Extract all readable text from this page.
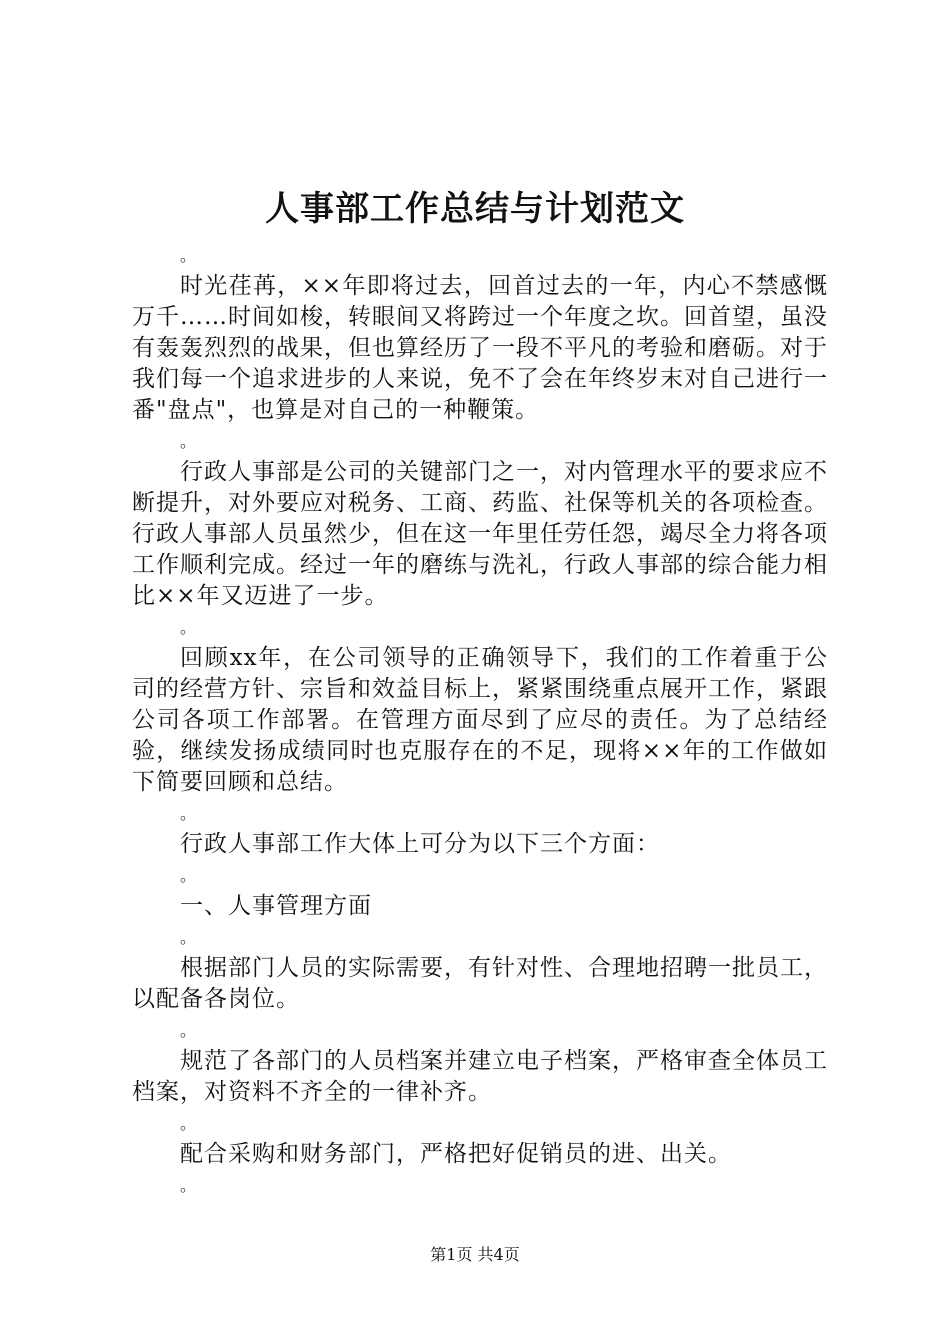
人事部工作总结与计划范文
。

时光荏苒，××年即将过去，回首过去的一年，内心不禁感慨万千……时间如梭，转眼间又将跨过一个年度之坎。回首望，虽没有轰轰烈烈的战果，但也算经历了一段不平凡的考验和磨砺。对于我们每一个追求进步的人来说，免不了会在年终岁末对自己进行一番"盘点"，也算是对自己的一种鞭策。

。

行政人事部是公司的关键部门之一，对内管理水平的要求应不断提升，对外要应对税务、工商、药监、社保等机关的各项检查。行政人事部人员虽然少，但在这一年里任劳任怨，竭尽全力将各项工作顺利完成。经过一年的磨练与洗礼，行政人事部的综合能力相比××年又迈进了一步。

。

回顾xx年，在公司领导的正确领导下，我们的工作着重于公司的经营方针、宗旨和效益目标上，紧紧围绕重点展开工作，紧跟公司各项工作部署。在管理方面尽到了应尽的责任。为了总结经验，继续发扬成绩同时也克服存在的不足，现将××年的工作做如下简要回顾和总结。

。

行政人事部工作大体上可分为以下三个方面：

。

一、人事管理方面

。

根据部门人员的实际需要，有针对性、合理地招聘一批员工，以配备各岗位。

。

规范了各部门的人员档案并建立电子档案，严格审查全体员工档案，对资料不齐全的一律补齐。

。

配合采购和财务部门，严格把好促销员的进、出关。

。
第1页 共4页
